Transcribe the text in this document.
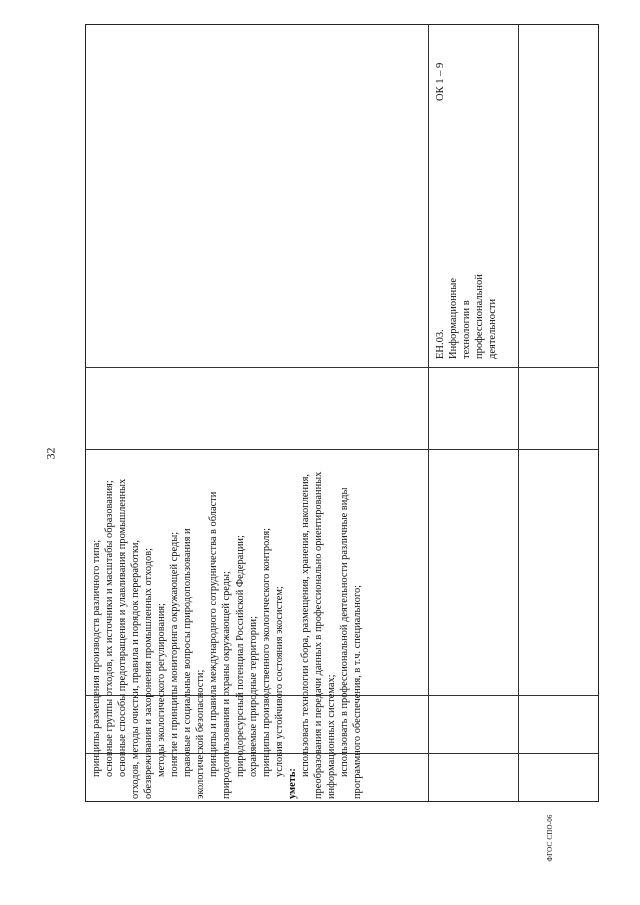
32

принципы размещения производств различного типа; основные группы отходов, их источники и масштабы образования; основные способы предотвращения и улавливания промышленных отходов, методы очистки, правила и порядок переработки, обезвреживания и захоронения промышленных отходов; методы экологического регулирования; понятие и принципы мониторинга окружающей среды; правовые и социальные вопросы природопользования и экологической безопасности; принципы и правила международного сотрудничества в области природопользования и охраны окружающей среды; природоресурсный потенциал Российской Федерации; охраняемые природные территории; принципы производственного экологического контроля; условия устойчивого состояния экосистем;

уметь:

использовать технологии сбора, размещения, хранения, накопления, преобразования и передачи данных в профессионально ориентированных информационных системах; использовать в профессиональной деятельности различные виды программного обеспечения, в т.ч. специального;

ЕН.03. Информационные технологии в профессиональной деятельности

ОК 1 – 9

ФГОС СПО-06
